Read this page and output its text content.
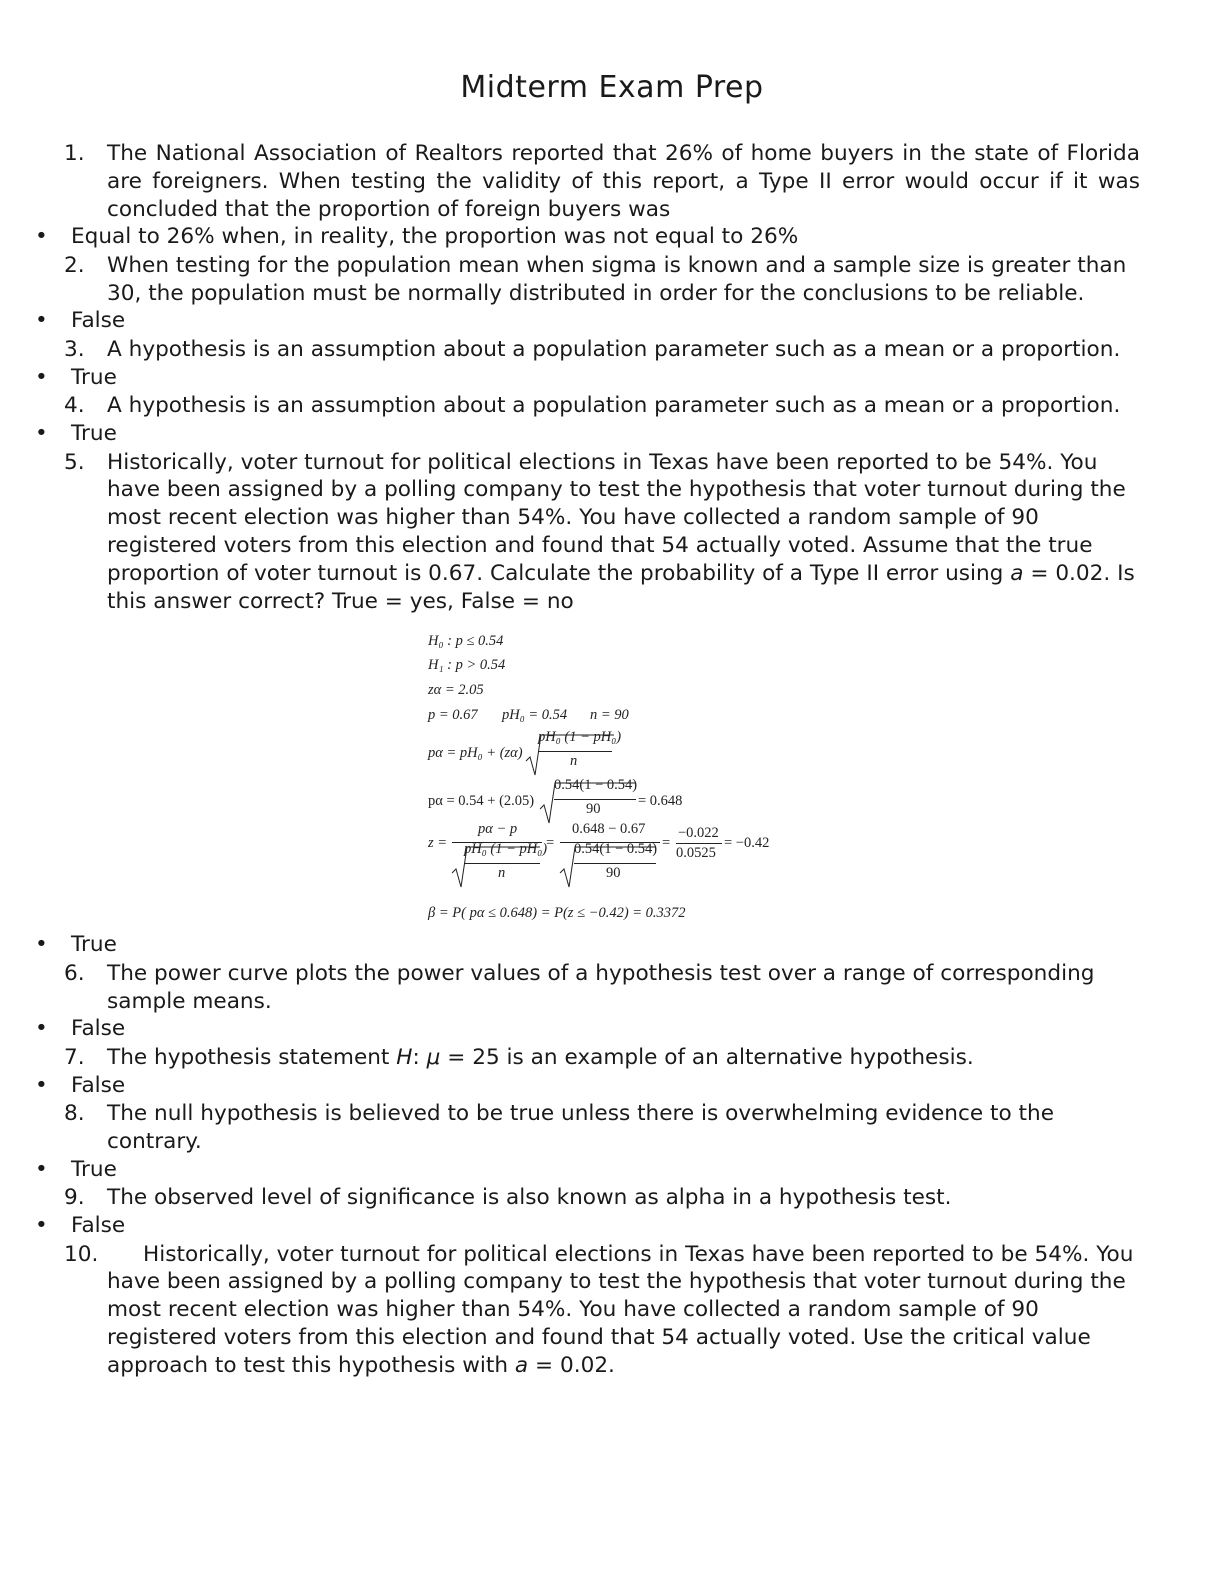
Midterm Exam Prep
1.	The National Association of Realtors reported that 26% of home buyers in the state of Florida are foreigners. When testing the validity of this report, a Type II error would occur if it was concluded that the proportion of foreign buyers was
• Equal to 26% when, in reality, the proportion was not equal to 26%
2.	When testing for the population mean when sigma is known and a sample size is greater than 30, the population must be normally distributed in order for the conclusions to be reliable.
• False
3.	A hypothesis is an assumption about a population parameter such as a mean or a proportion.
• True
4.	A hypothesis is an assumption about a population parameter such as a mean or a proportion.
• True
5.	Historically, voter turnout for political elections in Texas have been reported to be 54%. You have been assigned by a polling company to test the hypothesis that voter turnout during the most recent election was higher than 54%. You have collected a random sample of 90 registered voters from this election and found that 54 actually voted. Assume that the true proportion of voter turnout is 0.67. Calculate the probability of a Type II error using a = 0.02. Is this answer correct? True = yes, False = no
H₀ : p ≤ 0.54
H₁ : p > 0.54
zα = 2.05
p = 0.67 pH₀ = 0.54 n = 90
pα = pH₀ + (zα)
pH₀ (1 − pH₀)
n
pα = 0.54 + (2.05)
0.54(1 − 0.54)
90	= 0.648
z =
pα − p
pH₀ (1 − pH₀)
n
=
0.648 − 0.67
0.54(1 − 0.54)
90
=
−0.022
0.0525
= −0.42
β = P( pα ≤ 0.648) = P(z ≤ −0.42) = 0.3372
• True
6.	The power curve plots the power values of a hypothesis test over a range of corresponding sample means.
• False
7.	The hypothesis statement H: μ = 25 is an example of an alternative hypothesis.
• False
8.	The null hypothesis is believed to be true unless there is overwhelming evidence to the contrary.
• True
9.	The observed level of significance is also known as alpha in a hypothesis test.
• False
10.	Historically, voter turnout for political elections in Texas have been reported to be 54%. You have been assigned by a polling company to test the hypothesis that voter turnout during the most recent election was higher than 54%. You have collected a random sample of 90 registered voters from this election and found that 54 actually voted. Use the critical value approach to test this hypothesis with a = 0.02.
